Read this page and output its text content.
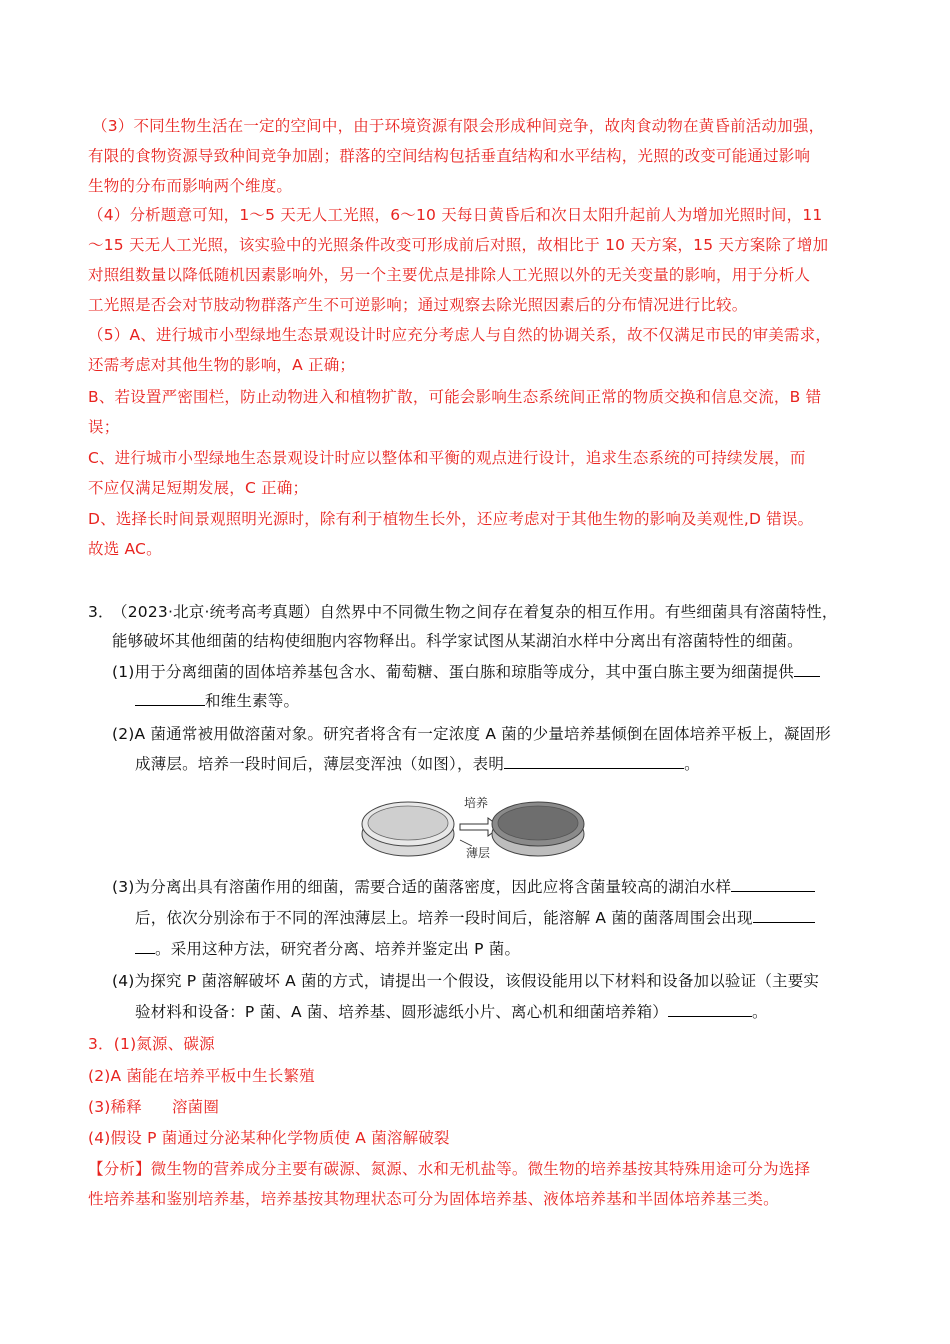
（3）不同生物生活在一定的空间中，由于环境资源有限会形成种间竞争，故肉食动物在黄昏前活动加强，
有限的食物资源导致种间竞争加剧；群落的空间结构包括垂直结构和水平结构，光照的改变可能通过影响
生物的分布而影响两个维度。
（4）分析题意可知，1～5 天无人工光照，6～10 天每日黄昏后和次日太阳升起前人为增加光照时间，11
～15 天无人工光照，该实验中的光照条件改变可形成前后对照，故相比于 10 天方案，15 天方案除了增加
对照组数量以降低随机因素影响外，另一个主要优点是排除人工光照以外的无关变量的影响，用于分析人
工光照是否会对节肢动物群落产生不可逆影响；通过观察去除光照因素后的分布情况进行比较。
（5）A、进行城市小型绿地生态景观设计时应充分考虑人与自然的协调关系，故不仅满足市民的审美需求，
还需考虑对其他生物的影响，A 正确；
B、若设置严密围栏，防止动物进入和植物扩散，可能会影响生态系统间正常的物质交换和信息交流，B 错
误；
C、进行城市小型绿地生态景观设计时应以整体和平衡的观点进行设计，追求生态系统的可持续发展，而
不应仅满足短期发展，C 正确；
D、选择长时间景观照明光源时，除有利于植物生长外，还应考虑对于其他生物的影响及美观性,D 错误。
故选 AC。
3．
（2023·北京·统考高考真题）自然界中不同微生物之间存在着复杂的相互作用。有些细菌具有溶菌特性，
能够破坏其他细菌的结构使细胞内容物释出。科学家试图从某湖泊水样中分离出有溶菌特性的细菌。
(1)用于分离细菌的固体培养基包含水、葡萄糖、蛋白胨和琼脂等成分，其中蛋白胨主要为细菌提供
和维生素等。
(2)A 菌通常被用做溶菌对象。研究者将含有一定浓度 A 菌的少量培养基倾倒在固体培养平板上，凝固形
成薄层。培养一段时间后，薄层变浑浊（如图），表明	。
培养
薄层
(3)为分离出具有溶菌作用的细菌，需要合适的菌落密度，因此应将含菌量较高的湖泊水样
后，依次分别涂布于不同的浑浊薄层上。培养一段时间后，能溶解 A 菌的菌落周围会出现
。采用这种方法，研究者分离、培养并鉴定出 P 菌。
(4)为探究 P 菌溶解破坏 A 菌的方式，请提出一个假设，该假设能用以下材料和设备加以验证（主要实
验材料和设备：P 菌、A 菌、培养基、圆形滤纸小片、离心机和细菌培养箱）	。
3．(1)氮源、碳源
(2)A 菌能在培养平板中生长繁殖
(3)稀释 溶菌圈
(4)假设 P 菌通过分泌某种化学物质使 A 菌溶解破裂
【分析】微生物的营养成分主要有碳源、氮源、水和无机盐等。微生物的培养基按其特殊用途可分为选择
性培养基和鉴别培养基，培养基按其物理状态可分为固体培养基、液体培养基和半固体培养基三类。
